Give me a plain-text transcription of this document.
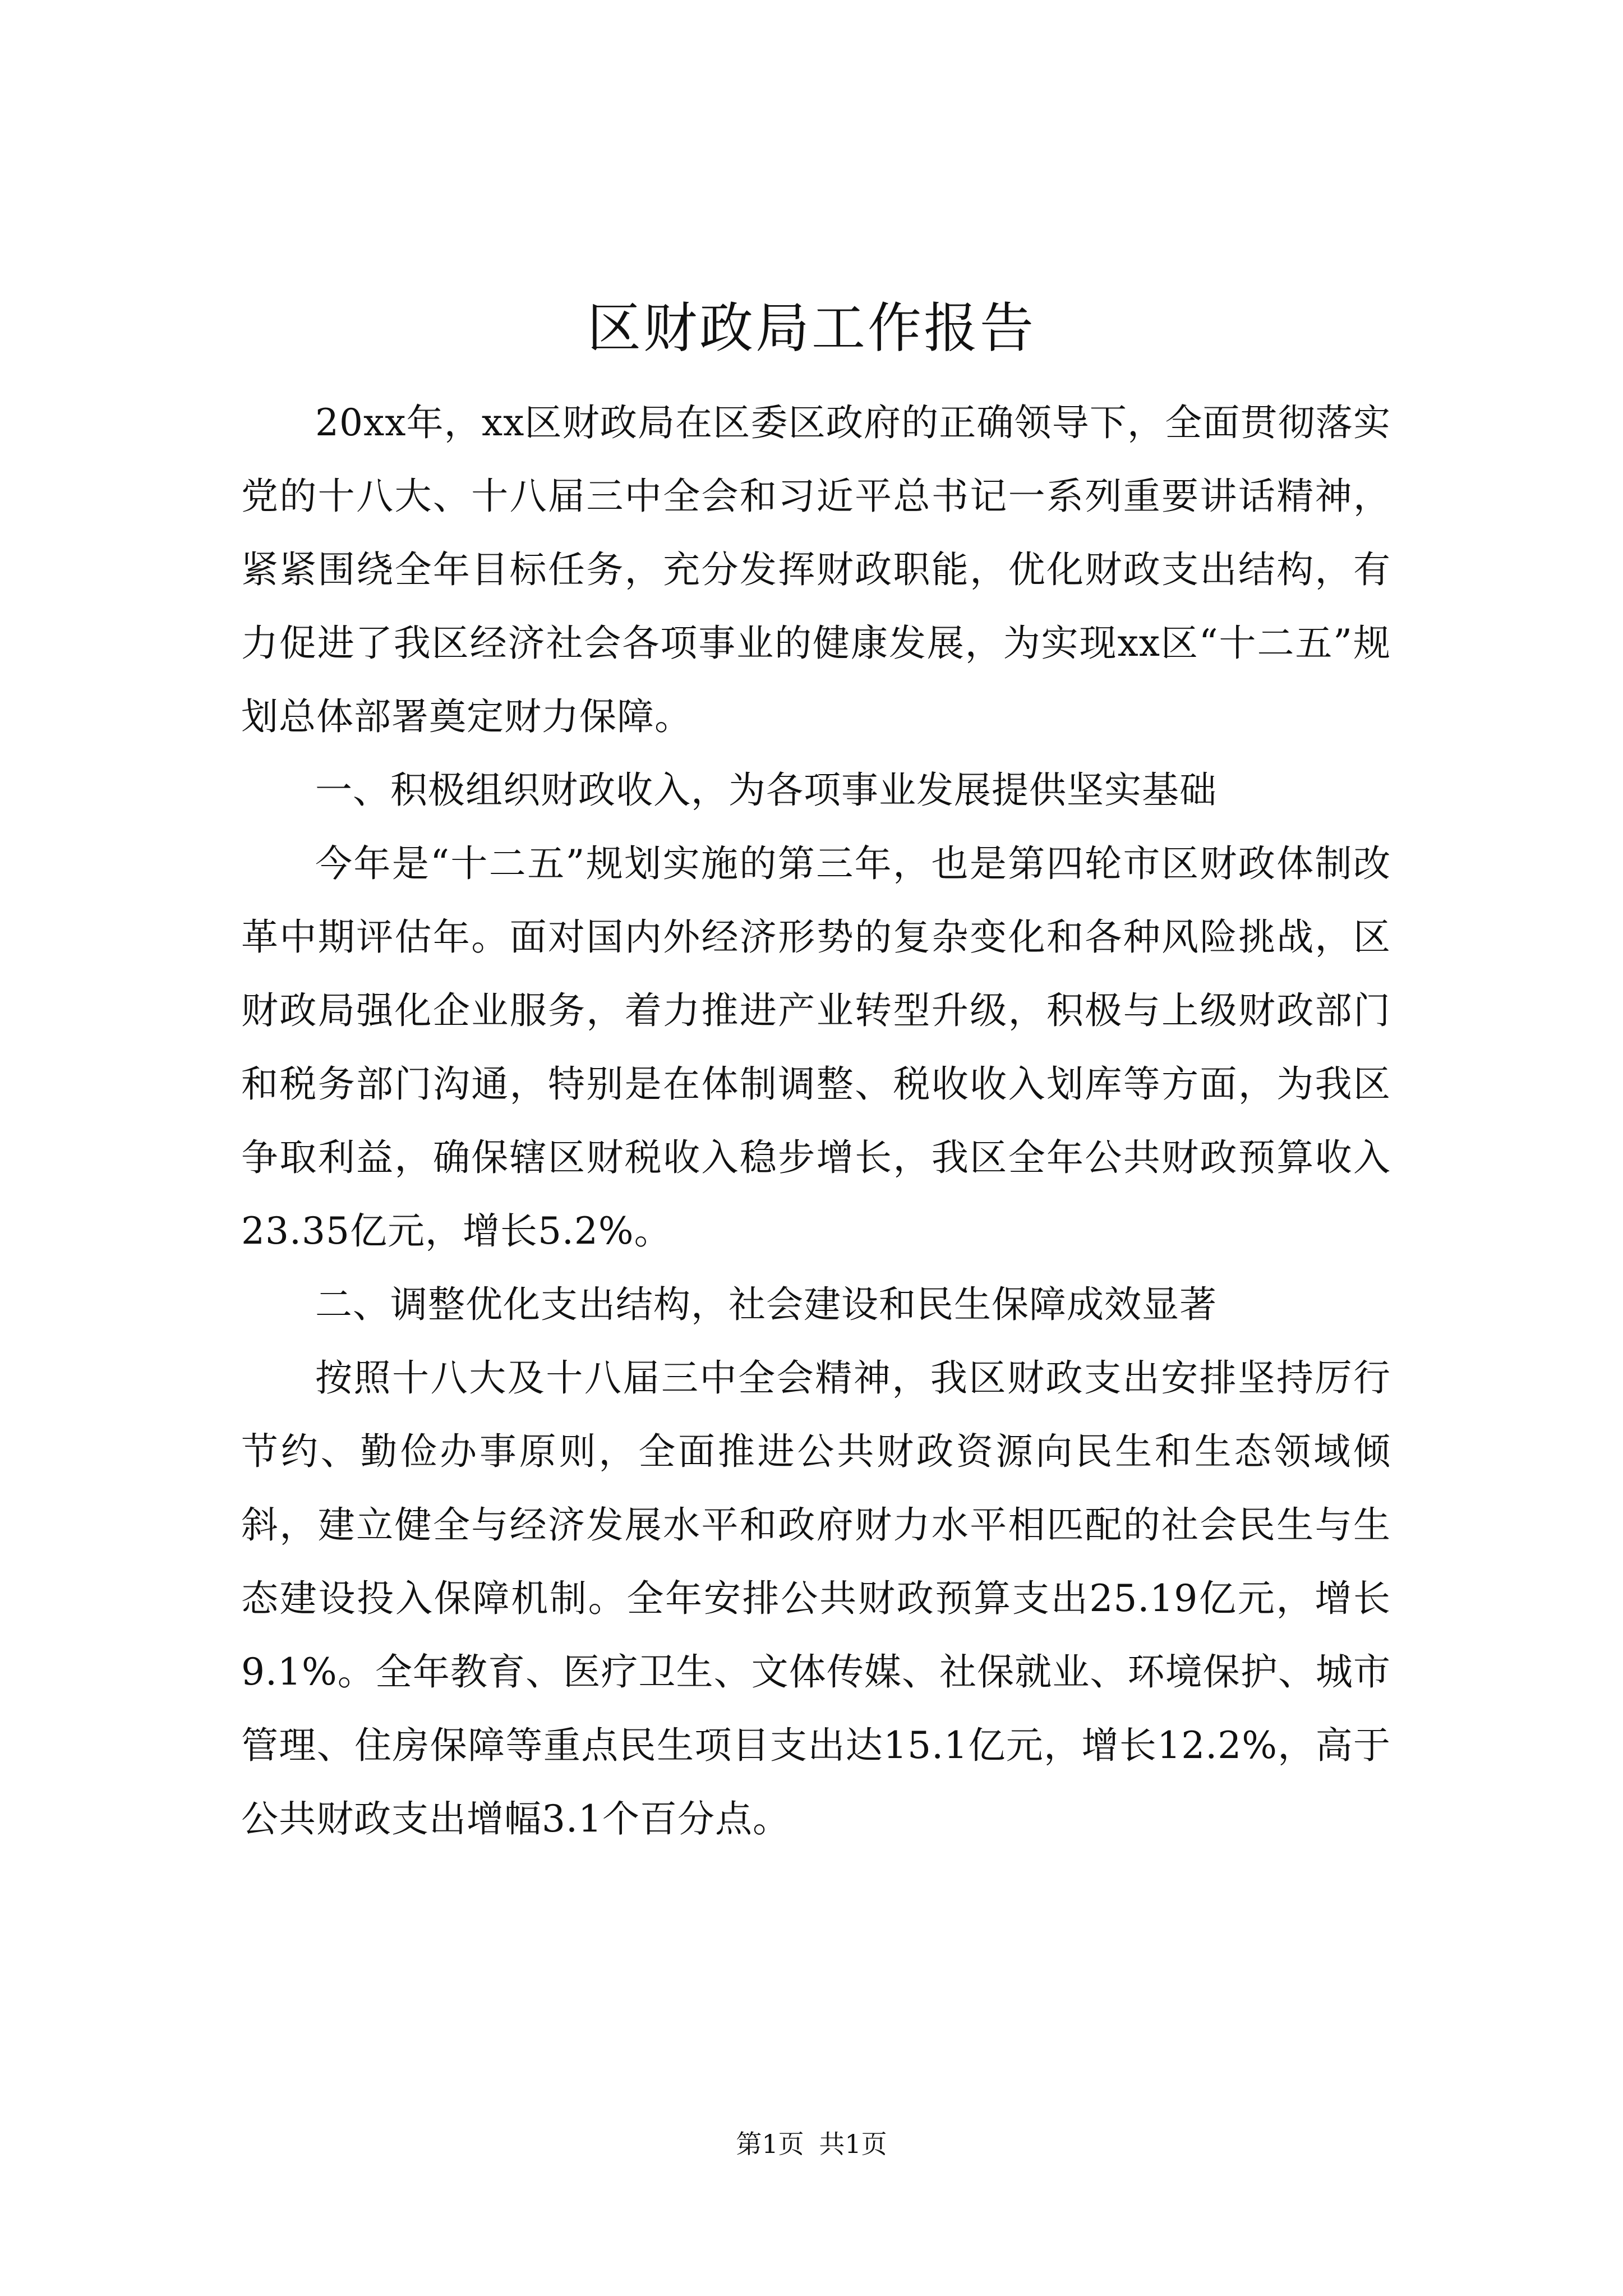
区财政局工作报告

20xx年，xx区财政局在区委区政府的正确领导下，全面贯彻落实党的十八大、十八届三中全会和习近平总书记一系列重要讲话精神，紧紧围绕全年目标任务，充分发挥财政职能，优化财政支出结构，有力促进了我区经济社会各项事业的健康发展，为实现xx区“十二五”规划总体部署奠定财力保障。

一、积极组织财政收入，为各项事业发展提供坚实基础

今年是“十二五”规划实施的第三年，也是第四轮市区财政体制改革中期评估年。面对国内外经济形势的复杂变化和各种风险挑战，区财政局强化企业服务，着力推进产业转型升级，积极与上级财政部门和税务部门沟通，特别是在体制调整、税收收入划库等方面，为我区争取利益，确保辖区财税收入稳步增长，我区全年公共财政预算收入23.35亿元，增长5.2%。

二、调整优化支出结构，社会建设和民生保障成效显著

按照十八大及十八届三中全会精神，我区财政支出安排坚持厉行节约、勤俭办事原则，全面推进公共财政资源向民生和生态领域倾斜，建立健全与经济发展水平和政府财力水平相匹配的社会民生与生态建设投入保障机制。全年安排公共财政预算支出25.19亿元，增长9.1%。全年教育、医疗卫生、文体传媒、社保就业、环境保护、城市管理、住房保障等重点民生项目支出达15.1亿元，增长12.2%，高于公共财政支出增幅3.1个百分点。

第1页 共1页
